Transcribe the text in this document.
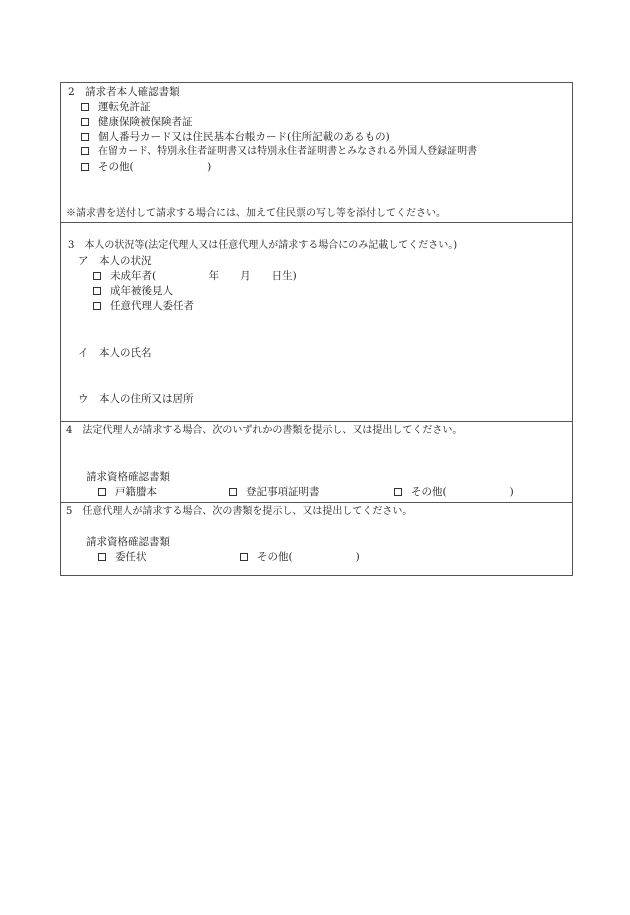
2　請求者本人確認書類
運転免許証
健康保険被保険者証
個人番号カード又は住民基本台帳カード(住所記載のあるもの)
在留カード、特別永住者証明書又は特別永住者証明書とみなされる外国人登録証明書
その他(　　　　　　　)
※請求書を送付して請求する場合には、加えて住民票の写し等を添付してください。
3　本人の状況等(法定代理人又は任意代理人が請求する場合にのみ記載してください。)
ア　本人の状況
未成年者(　　　　　年　　月　　日生)
成年被後見人
任意代理人委任者
イ　本人の氏名
ウ　本人の住所又は居所
4　法定代理人が請求する場合、次のいずれかの書類を提示し、又は提出してください。
請求資格確認書類
戸籍謄本	登記事項証明書	その他(　　　　　　)
5　任意代理人が請求する場合、次の書類を提示し、又は提出してください。
請求資格確認書類
委任状	その他(　　　　　　)
